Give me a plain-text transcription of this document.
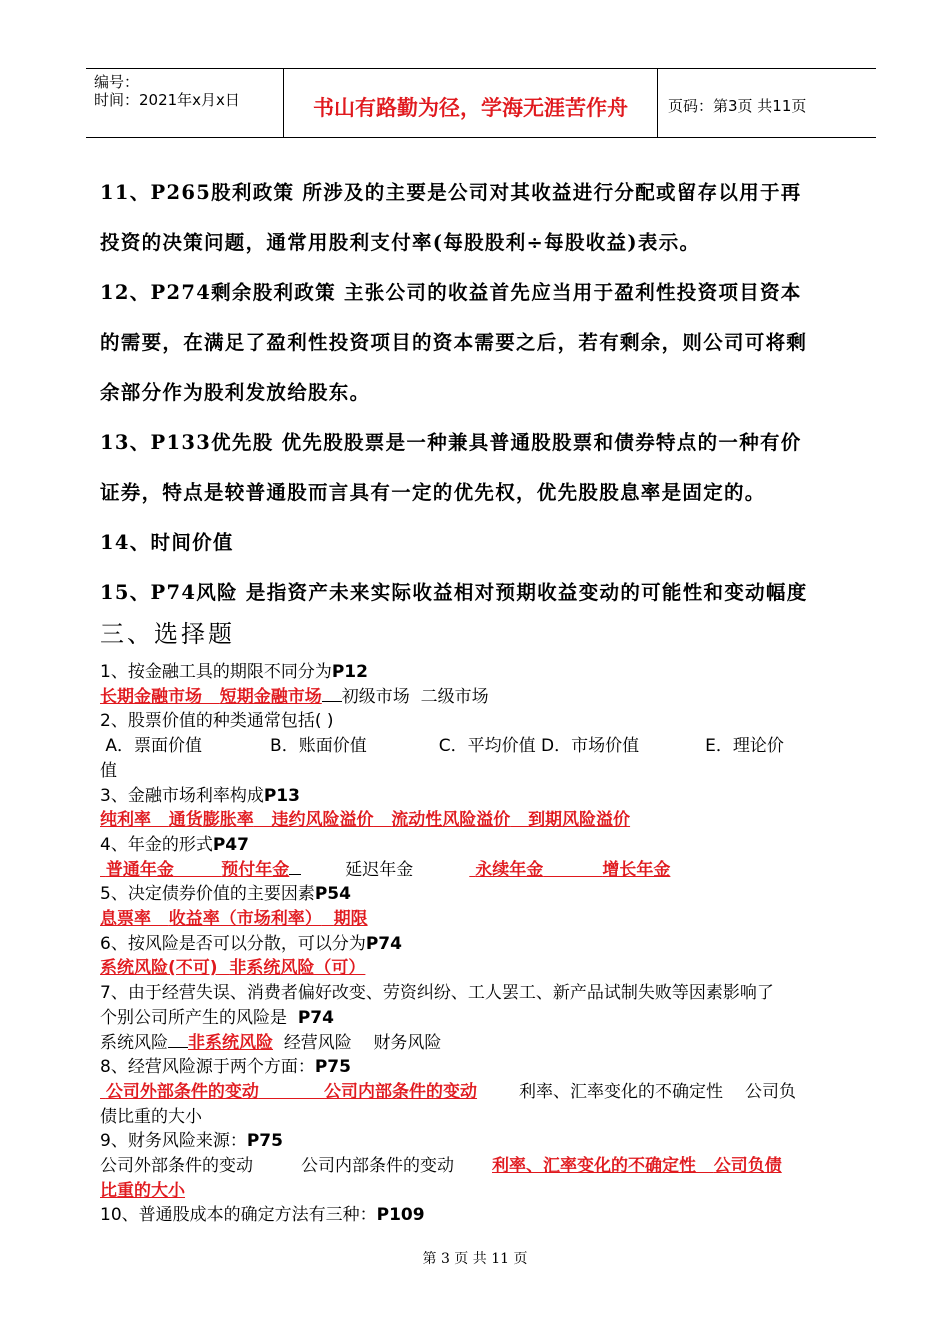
编号：
时间：2021年x月x日	书山有路勤为径，学海无涯苦作舟	页码：第3页 共11页

11、P265股利政策 所涉及的主要是公司对其收益进行分配或留存以用于再

投资的决策问题，通常用股利支付率(每股股利÷每股收益)表示。

12、P274剩余股利政策 主张公司的收益首先应当用于盈利性投资项目资本

的需要，在满足了盈利性投资项目的资本需要之后，若有剩余，则公司可将剩

余部分作为股利发放给股东。

13、P133优先股 优先股股票是一种兼具普通股股票和债券特点的一种有价

证券，特点是较普通股而言具有一定的优先权，优先股股息率是固定的。

14、时间价值

15、P74风险 是指资产未来实际收益相对预期收益变动的可能性和变动幅度

三、选择题
1、按金融工具的期限不同分为P12
长期金融市场 短期金融市场 初级市场 二级市场
2、股票价值的种类通常包括( )
A．票面价值	B．账面价值	C．平均价值 D．市场价值	E．理论价
值
3、金融市场利率构成P13
纯利率 通货膨胀率 违约风险溢价 流动性风险溢价 到期风险溢价
4、年金的形式P47
普通年金	预付年金	延迟年金	永续年金	增长年金
5、决定债券价值的主要因素P54
息票率 收益率（市场利率） 期限
6、按风险是否可以分散，可以分为P74
系统风险(不可) 非系统风险（可）
7、由于经营失误、消费者偏好改变、劳资纠纷、工人罢工、新产品试制失败等因素影响了
个别公司所产生的风险是 P74
系统风险 非系统风险 经营风险 财务风险
8、经营风险源于两个方面：P75
公司外部条件的变动	公司内部条件的变动 利率、汇率变化的不确定性 公司负
债比重的大小
9、财务风险来源：P75
公司外部条件的变动	公司内部条件的变动 利率、汇率变化的不确定性 公司负债
比重的大小
10、普通股成本的确定方法有三种：P109
第 3 页 共 11 页
